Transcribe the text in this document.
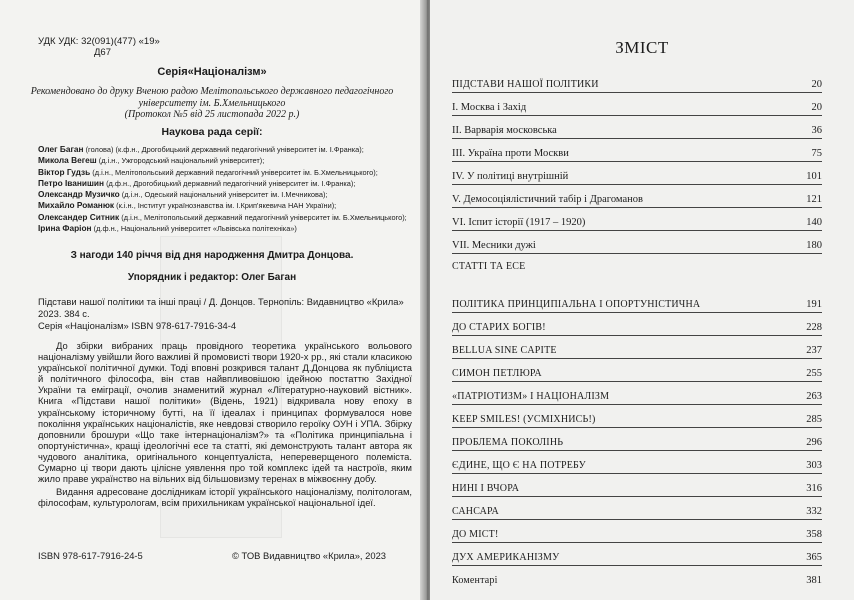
УДК УДК: 32(091)(477) «19»
Д67
Серія«Націоналізм»
Рекомендовано до друку Вченою радою Мелітопольського державного педагогічного
університету ім. Б.Хмельницького
(Протокол №5 від 25 листопада 2022 р.)
Наукова рада серії:
Олег Баган (голова) (к.ф.н., Дрогобицький державний педагогічний університет ім. І.Франка);
Микола Вегеш (д.і.н., Ужгородський національний університет);
Віктор Гудзь (д.і.н., Мелітопольський державний педагогічний університет ім. Б.Хмельницького);
Петро Іванишин (д.ф.н., Дрогобицький державний педагогічний університет ім. І.Франка);
Олександр Музичко (д.і.н., Одеський національний університет ім. І.Мечникова);
Михайло Романюк (к.і.н., Інститут українознавства ім. І.Крип'якевича НАН України);
Олександер Ситник (д.і.н., Мелітопольський державний педагогічний університет ім. Б.Хмельницького);
Ірина Фаріон (д.ф.н., Національний університет «Львівська політехніка»)
З нагоди 140 річчя від дня народження Дмитра Донцова.
Упорядник і редактор: Олег Баган
Підстави нашої політики та інші праці / Д. Донцов. Тернопіль: Видавництво «Крила»
2023. 384 с.
Серія «Націоналізм» ISBN 978-617-7916-34-4
До збірки вибраних праць провідного теоретика українського вольового націоналізму увійшли його важливі й промовисті твори 1920-х рр., які стали класикою української політичної думки. Тоді вповні розкрився талант Д.Донцова як публіциста й політичного філософа, він став найвпливовішою ідейною постаттю Західної України та еміграції, очолив знаменитий журнал «Літературно-науковий вістник». Книга «Підстави нашої політики» (Відень, 1921) відкривала нову епоху в українському історичному бутті, на її ідеалах і принципах формувалося нове покоління українських націоналістів, яке невдовзі створило героїку ОУН і УПА. Збірку доповнили брошури «Що таке інтернаціоналізм?» та «Політика принципіальна і опортуністична», кращі ідеологічні есе та статті, які демонструють талант автора як чудового аналітика, оригінального концептуаліста, непереверщеного полеміста. Сумарно ці твори дають цілісне уявлення про той комплекс ідей та настроїв, яким жило праве українство на вільних від більшовизму теренах в міжвоєнну добу.
Видання адресоване дослідникам історії українського націоналізму, політологам, філософам, культурологам, всім прихильникам української національної ідеї.
ISBN 978-617-7916-24-5	© ТОВ Видавництво «Крила», 2023
ЗМІСТ
ПІДСТАВИ НАШОЇ ПОЛІТИКИ	20
І. Москва і Захід	20
ІІ. Варварія московська	36
ІІІ. Україна проти Москви	75
IV. У політиці внутрішній	101
V. Демосоціялістичний табір і Драгоманов	121
VI. Іспит історії (1917 – 1920)	140
VII. Месники дужі	180
СТАТТІ ТА ЕСЕ
ПОЛІТИКА ПРИНЦИПІАЛЬНА І ОПОРТУНІСТИЧНА	191
ДО СТАРИХ БОГІВ!	228
BELLUA SINE CAPITE	237
СИМОН ПЕТЛЮРА	255
«ПАТРІОТИЗМ» І НАЦІОНАЛІЗМ	263
KEEP SMILES! (УСМІХНИСЬ!)	285
ПРОБЛЕМА ПОКОЛІНЬ	296
ЄДИНЕ, ЩО Є НА ПОТРЕБУ	303
НИНІ І ВЧОРА	316
САНСАРА	332
ДО МІСТ!	358
ДУХ АМЕРИКАНІЗМУ	365
Коментарі	381
